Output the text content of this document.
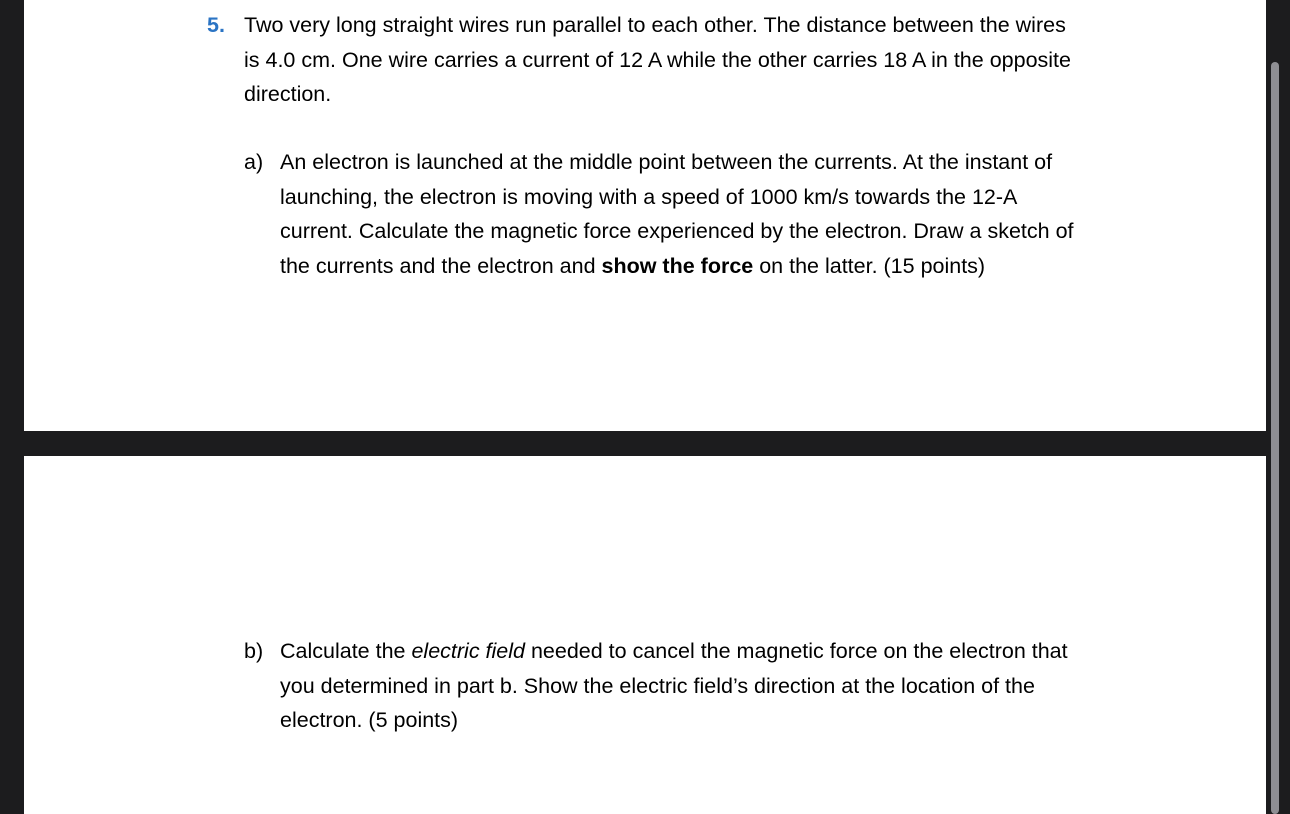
5. Two very long straight wires run parallel to each other. The distance between the wires
is 4.0 cm. One wire carries a current of 12 A while the other carries 18 A in the opposite
direction.
a) An electron is launched at the middle point between the currents. At the instant of
launching, the electron is moving with a speed of 1000 km/s towards the 12-A
current. Calculate the magnetic force experienced by the electron. Draw a sketch of
the currents and the electron and show the force on the latter. (15 points)
b) Calculate the electric field needed to cancel the magnetic force on the electron that
you determined in part b. Show the electric field’s direction at the location of the
electron. (5 points)
